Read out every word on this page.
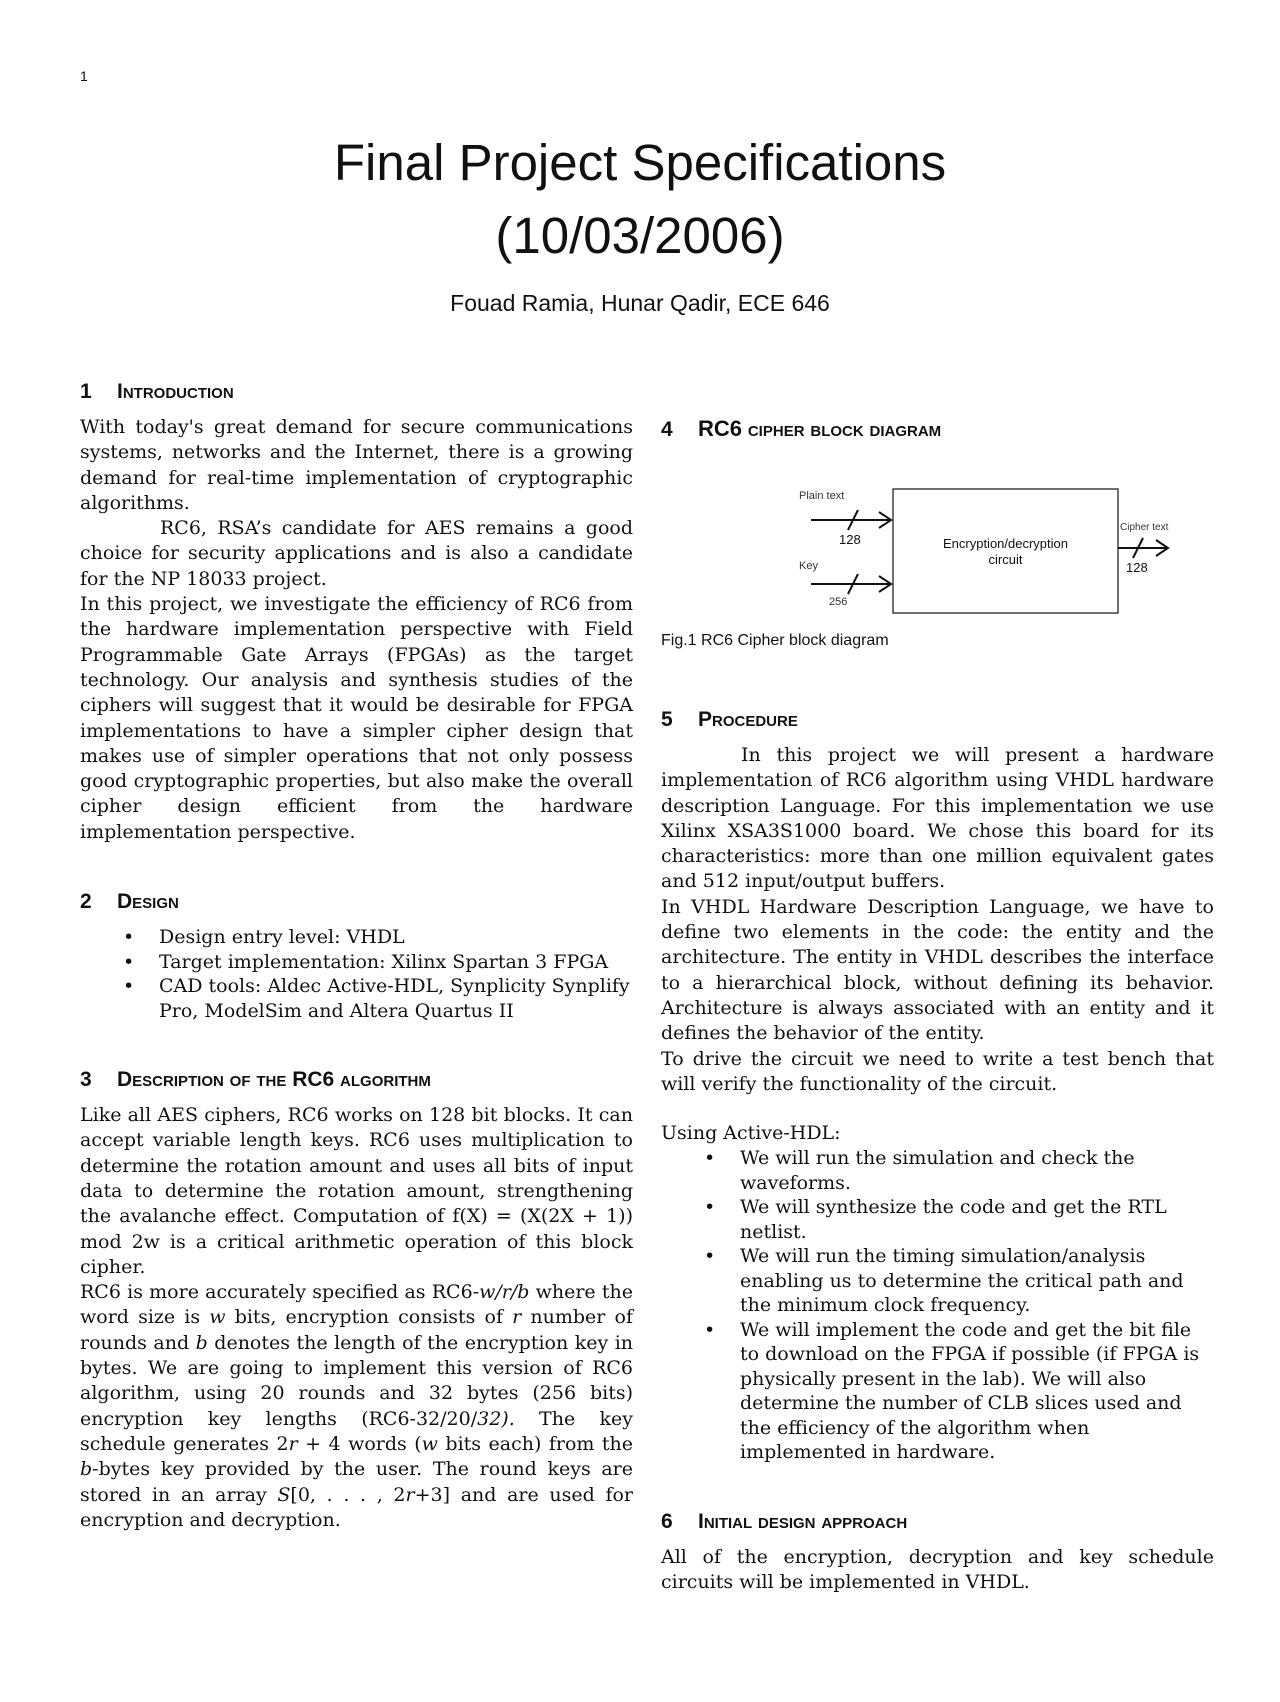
1
Final Project Specifications
(10/03/2006)
Fouad Ramia, Hunar Qadir, ECE 646
1 Introduction

With today's great demand for secure communications systems, networks and the Internet, there is a growing demand for real-time implementation of cryptographic algorithms.

RC6, RSA’s candidate for AES remains a good choice for security applications and is also a candidate for the NP 18033 project.

In this project, we investigate the efficiency of RC6 from the hardware implementation perspective with Field Programmable Gate Arrays (FPGAs) as the target technology. Our analysis and synthesis studies of the ciphers will suggest that it would be desirable for FPGA implementations to have a simpler cipher design that makes use of simpler operations that not only possess good cryptographic properties, but also make the overall cipher design efficient from the hardware implementation perspective.

2 Design
• Design entry level: VHDL
• Target implementation: Xilinx Spartan 3 FPGA
• CAD tools: Aldec Active-HDL, Synplicity Synplify Pro, ModelSim and Altera Quartus II
3 Description of the RC6 algorithm

Like all AES ciphers, RC6 works on 128 bit blocks. It can accept variable length keys. RC6 uses multiplication to determine the rotation amount and uses all bits of input data to determine the rotation amount, strengthening the avalanche effect. Computation of f(X) = (X(2X + 1)) mod 2w is a critical arithmetic operation of this block cipher.

RC6 is more accurately specified as RC6-w/r/b where the word size is w bits, encryption consists of r number of rounds and b denotes the length of the encryption key in bytes. We are going to implement this version of RC6 algorithm, using 20 rounds and 32 bytes (256 bits) encryption key lengths (RC6-32/20/32). The key schedule generates 2r + 4 words (w bits each) from the b-bytes key provided by the user. The round keys are stored in an array S[0, . . . , 2r+3] and are used for encryption and decryption.

4 RC6 cipher block diagram
Plain text
128
Key
256
Encryption/decryption
circuit
Cipher text
128

Fig.1 RC6 Cipher block diagram

5 Procedure

In this project we will present a hardware implementation of RC6 algorithm using VHDL hardware description Language. For this implementation we use Xilinx XSA3S1000 board. We chose this board for its characteristics: more than one million equivalent gates and 512 input/output buffers.

In VHDL Hardware Description Language, we have to define two elements in the code: the entity and the architecture. The entity in VHDL describes the interface to a hierarchical block, without defining its behavior. Architecture is always associated with an entity and it defines the behavior of the entity.

To drive the circuit we need to write a test bench that will verify the functionality of the circuit.

Using Active-HDL:

• We will run the simulation and check the waveforms.
• We will synthesize the code and get the RTL netlist.
• We will run the timing simulation/analysis enabling us to determine the critical path and the minimum clock frequency.
• We will implement the code and get the bit file to download on the FPGA if possible (if FPGA is physically present in the lab). We will also determine the number of CLB slices used and the efficiency of the algorithm when implemented in hardware.
6 Initial design approach

All of the encryption, decryption and key schedule circuits will be implemented in VHDL.
